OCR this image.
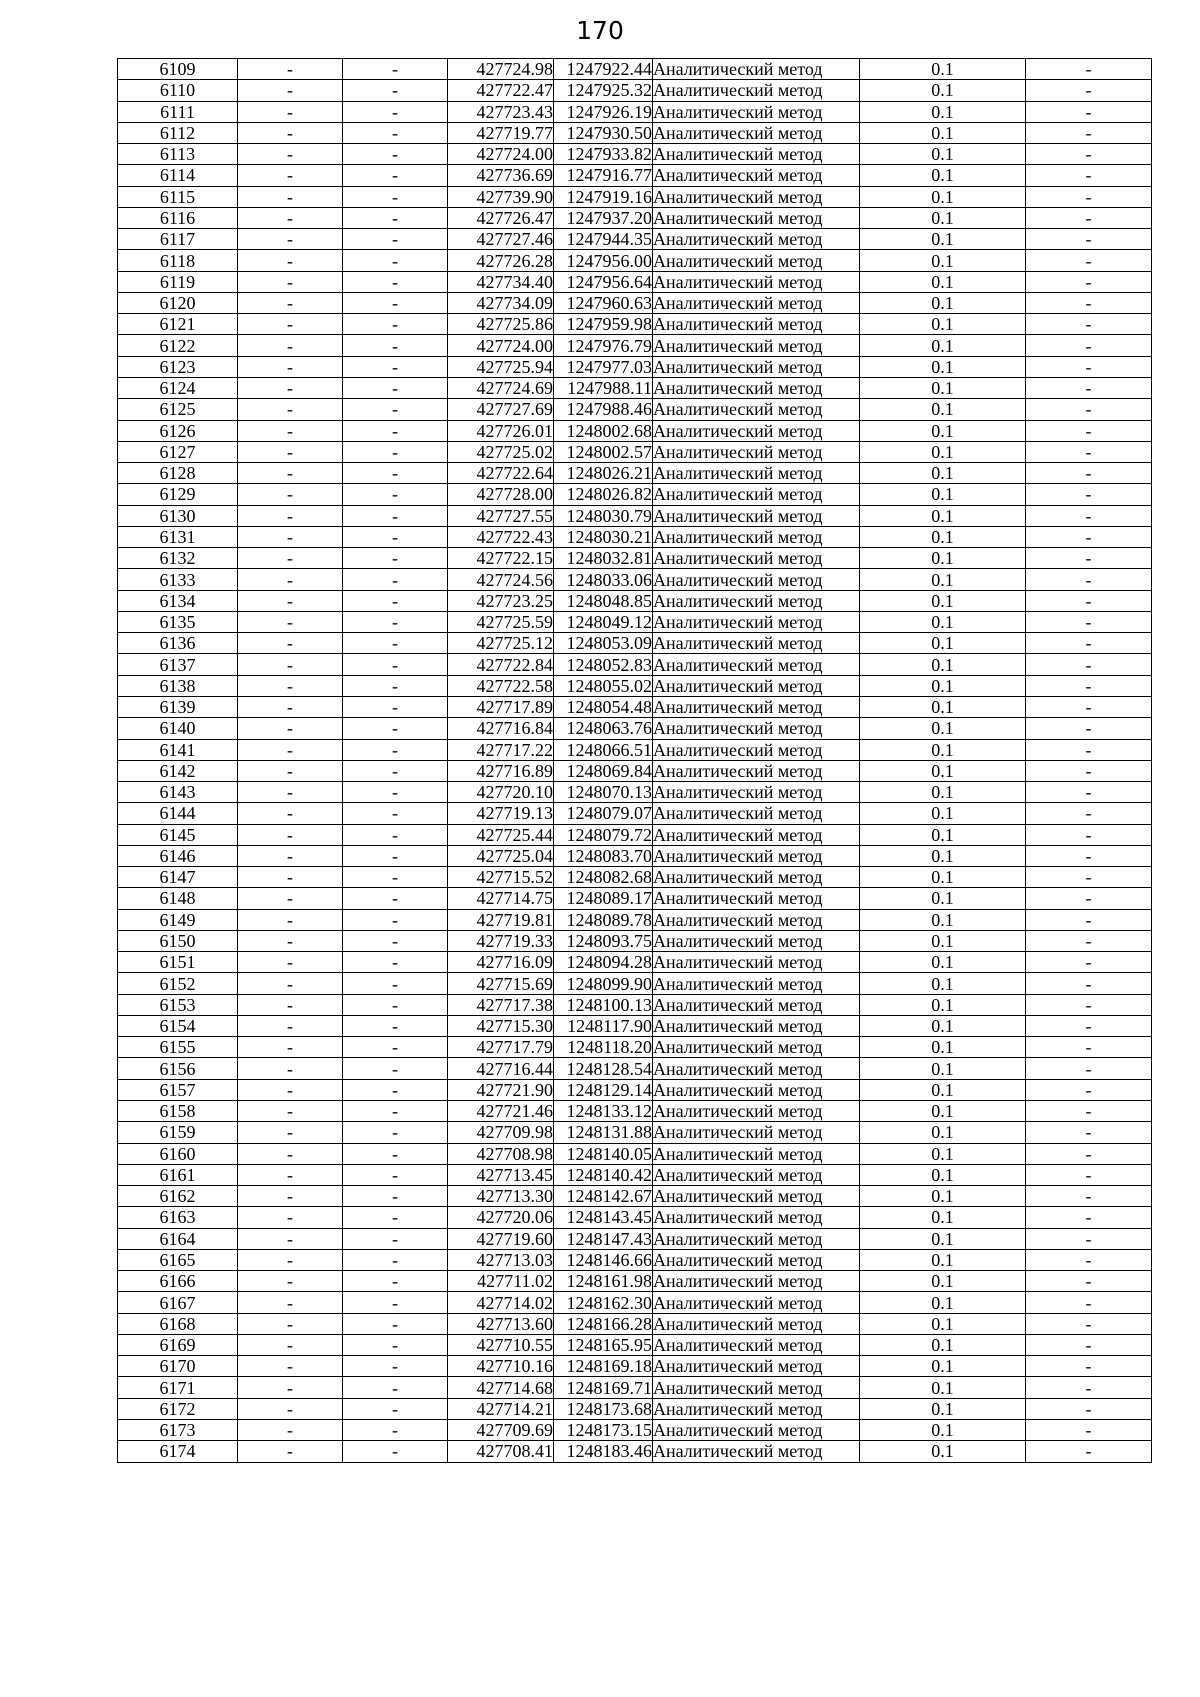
170
6109	-	-	427724.98	1247922.44	Аналитический метод	0.1	-
6110	-	-	427722.47	1247925.32	Аналитический метод	0.1	-
6111	-	-	427723.43	1247926.19	Аналитический метод	0.1	-
6112	-	-	427719.77	1247930.50	Аналитический метод	0.1	-
6113	-	-	427724.00	1247933.82	Аналитический метод	0.1	-
6114	-	-	427736.69	1247916.77	Аналитический метод	0.1	-
6115	-	-	427739.90	1247919.16	Аналитический метод	0.1	-
6116	-	-	427726.47	1247937.20	Аналитический метод	0.1	-
6117	-	-	427727.46	1247944.35	Аналитический метод	0.1	-
6118	-	-	427726.28	1247956.00	Аналитический метод	0.1	-
6119	-	-	427734.40	1247956.64	Аналитический метод	0.1	-
6120	-	-	427734.09	1247960.63	Аналитический метод	0.1	-
6121	-	-	427725.86	1247959.98	Аналитический метод	0.1	-
6122	-	-	427724.00	1247976.79	Аналитический метод	0.1	-
6123	-	-	427725.94	1247977.03	Аналитический метод	0.1	-
6124	-	-	427724.69	1247988.11	Аналитический метод	0.1	-
6125	-	-	427727.69	1247988.46	Аналитический метод	0.1	-
6126	-	-	427726.01	1248002.68	Аналитический метод	0.1	-
6127	-	-	427725.02	1248002.57	Аналитический метод	0.1	-
6128	-	-	427722.64	1248026.21	Аналитический метод	0.1	-
6129	-	-	427728.00	1248026.82	Аналитический метод	0.1	-
6130	-	-	427727.55	1248030.79	Аналитический метод	0.1	-
6131	-	-	427722.43	1248030.21	Аналитический метод	0.1	-
6132	-	-	427722.15	1248032.81	Аналитический метод	0.1	-
6133	-	-	427724.56	1248033.06	Аналитический метод	0.1	-
6134	-	-	427723.25	1248048.85	Аналитический метод	0.1	-
6135	-	-	427725.59	1248049.12	Аналитический метод	0.1	-
6136	-	-	427725.12	1248053.09	Аналитический метод	0.1	-
6137	-	-	427722.84	1248052.83	Аналитический метод	0.1	-
6138	-	-	427722.58	1248055.02	Аналитический метод	0.1	-
6139	-	-	427717.89	1248054.48	Аналитический метод	0.1	-
6140	-	-	427716.84	1248063.76	Аналитический метод	0.1	-
6141	-	-	427717.22	1248066.51	Аналитический метод	0.1	-
6142	-	-	427716.89	1248069.84	Аналитический метод	0.1	-
6143	-	-	427720.10	1248070.13	Аналитический метод	0.1	-
6144	-	-	427719.13	1248079.07	Аналитический метод	0.1	-
6145	-	-	427725.44	1248079.72	Аналитический метод	0.1	-
6146	-	-	427725.04	1248083.70	Аналитический метод	0.1	-
6147	-	-	427715.52	1248082.68	Аналитический метод	0.1	-
6148	-	-	427714.75	1248089.17	Аналитический метод	0.1	-
6149	-	-	427719.81	1248089.78	Аналитический метод	0.1	-
6150	-	-	427719.33	1248093.75	Аналитический метод	0.1	-
6151	-	-	427716.09	1248094.28	Аналитический метод	0.1	-
6152	-	-	427715.69	1248099.90	Аналитический метод	0.1	-
6153	-	-	427717.38	1248100.13	Аналитический метод	0.1	-
6154	-	-	427715.30	1248117.90	Аналитический метод	0.1	-
6155	-	-	427717.79	1248118.20	Аналитический метод	0.1	-
6156	-	-	427716.44	1248128.54	Аналитический метод	0.1	-
6157	-	-	427721.90	1248129.14	Аналитический метод	0.1	-
6158	-	-	427721.46	1248133.12	Аналитический метод	0.1	-
6159	-	-	427709.98	1248131.88	Аналитический метод	0.1	-
6160	-	-	427708.98	1248140.05	Аналитический метод	0.1	-
6161	-	-	427713.45	1248140.42	Аналитический метод	0.1	-
6162	-	-	427713.30	1248142.67	Аналитический метод	0.1	-
6163	-	-	427720.06	1248143.45	Аналитический метод	0.1	-
6164	-	-	427719.60	1248147.43	Аналитический метод	0.1	-
6165	-	-	427713.03	1248146.66	Аналитический метод	0.1	-
6166	-	-	427711.02	1248161.98	Аналитический метод	0.1	-
6167	-	-	427714.02	1248162.30	Аналитический метод	0.1	-
6168	-	-	427713.60	1248166.28	Аналитический метод	0.1	-
6169	-	-	427710.55	1248165.95	Аналитический метод	0.1	-
6170	-	-	427710.16	1248169.18	Аналитический метод	0.1	-
6171	-	-	427714.68	1248169.71	Аналитический метод	0.1	-
6172	-	-	427714.21	1248173.68	Аналитический метод	0.1	-
6173	-	-	427709.69	1248173.15	Аналитический метод	0.1	-
6174	-	-	427708.41	1248183.46	Аналитический метод	0.1	-
